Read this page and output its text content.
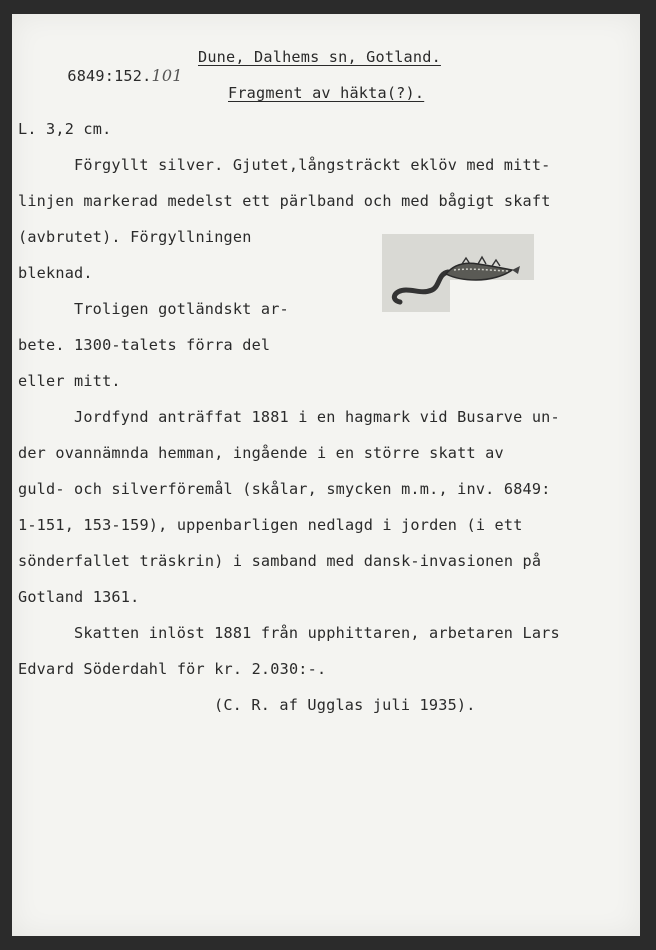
6849:152.101

Dune, Dalhems sn, Gotland.
Fragment av häkta(?).
L. 3,2 cm.
Förgyllt silver. Gjutet,långsträckt eklöv med mitt-
linjen markerad medelst ett pärlband och med bågigt skaft
(avbrutet). Förgyllningen
bleknad.
Troligen gotländskt ar-
bete. 1300-talets förra del
eller mitt.
Jordfynd anträffat 1881 i en hagmark vid Busarve un-
der ovannämnda hemman, ingående i en större skatt av
guld- och silverföremål (skålar, smycken m.m., inv. 6849:
1-151, 153-159), uppenbarligen nedlagd i jorden (i ett
sönderfallet träskrin) i samband med dansk-invasionen på
Gotland 1361.
Skatten inlöst 1881 från upphittaren, arbetaren Lars
Edvard Söderdahl för kr. 2.030:-.
(C. R. af Ugglas juli 1935).
